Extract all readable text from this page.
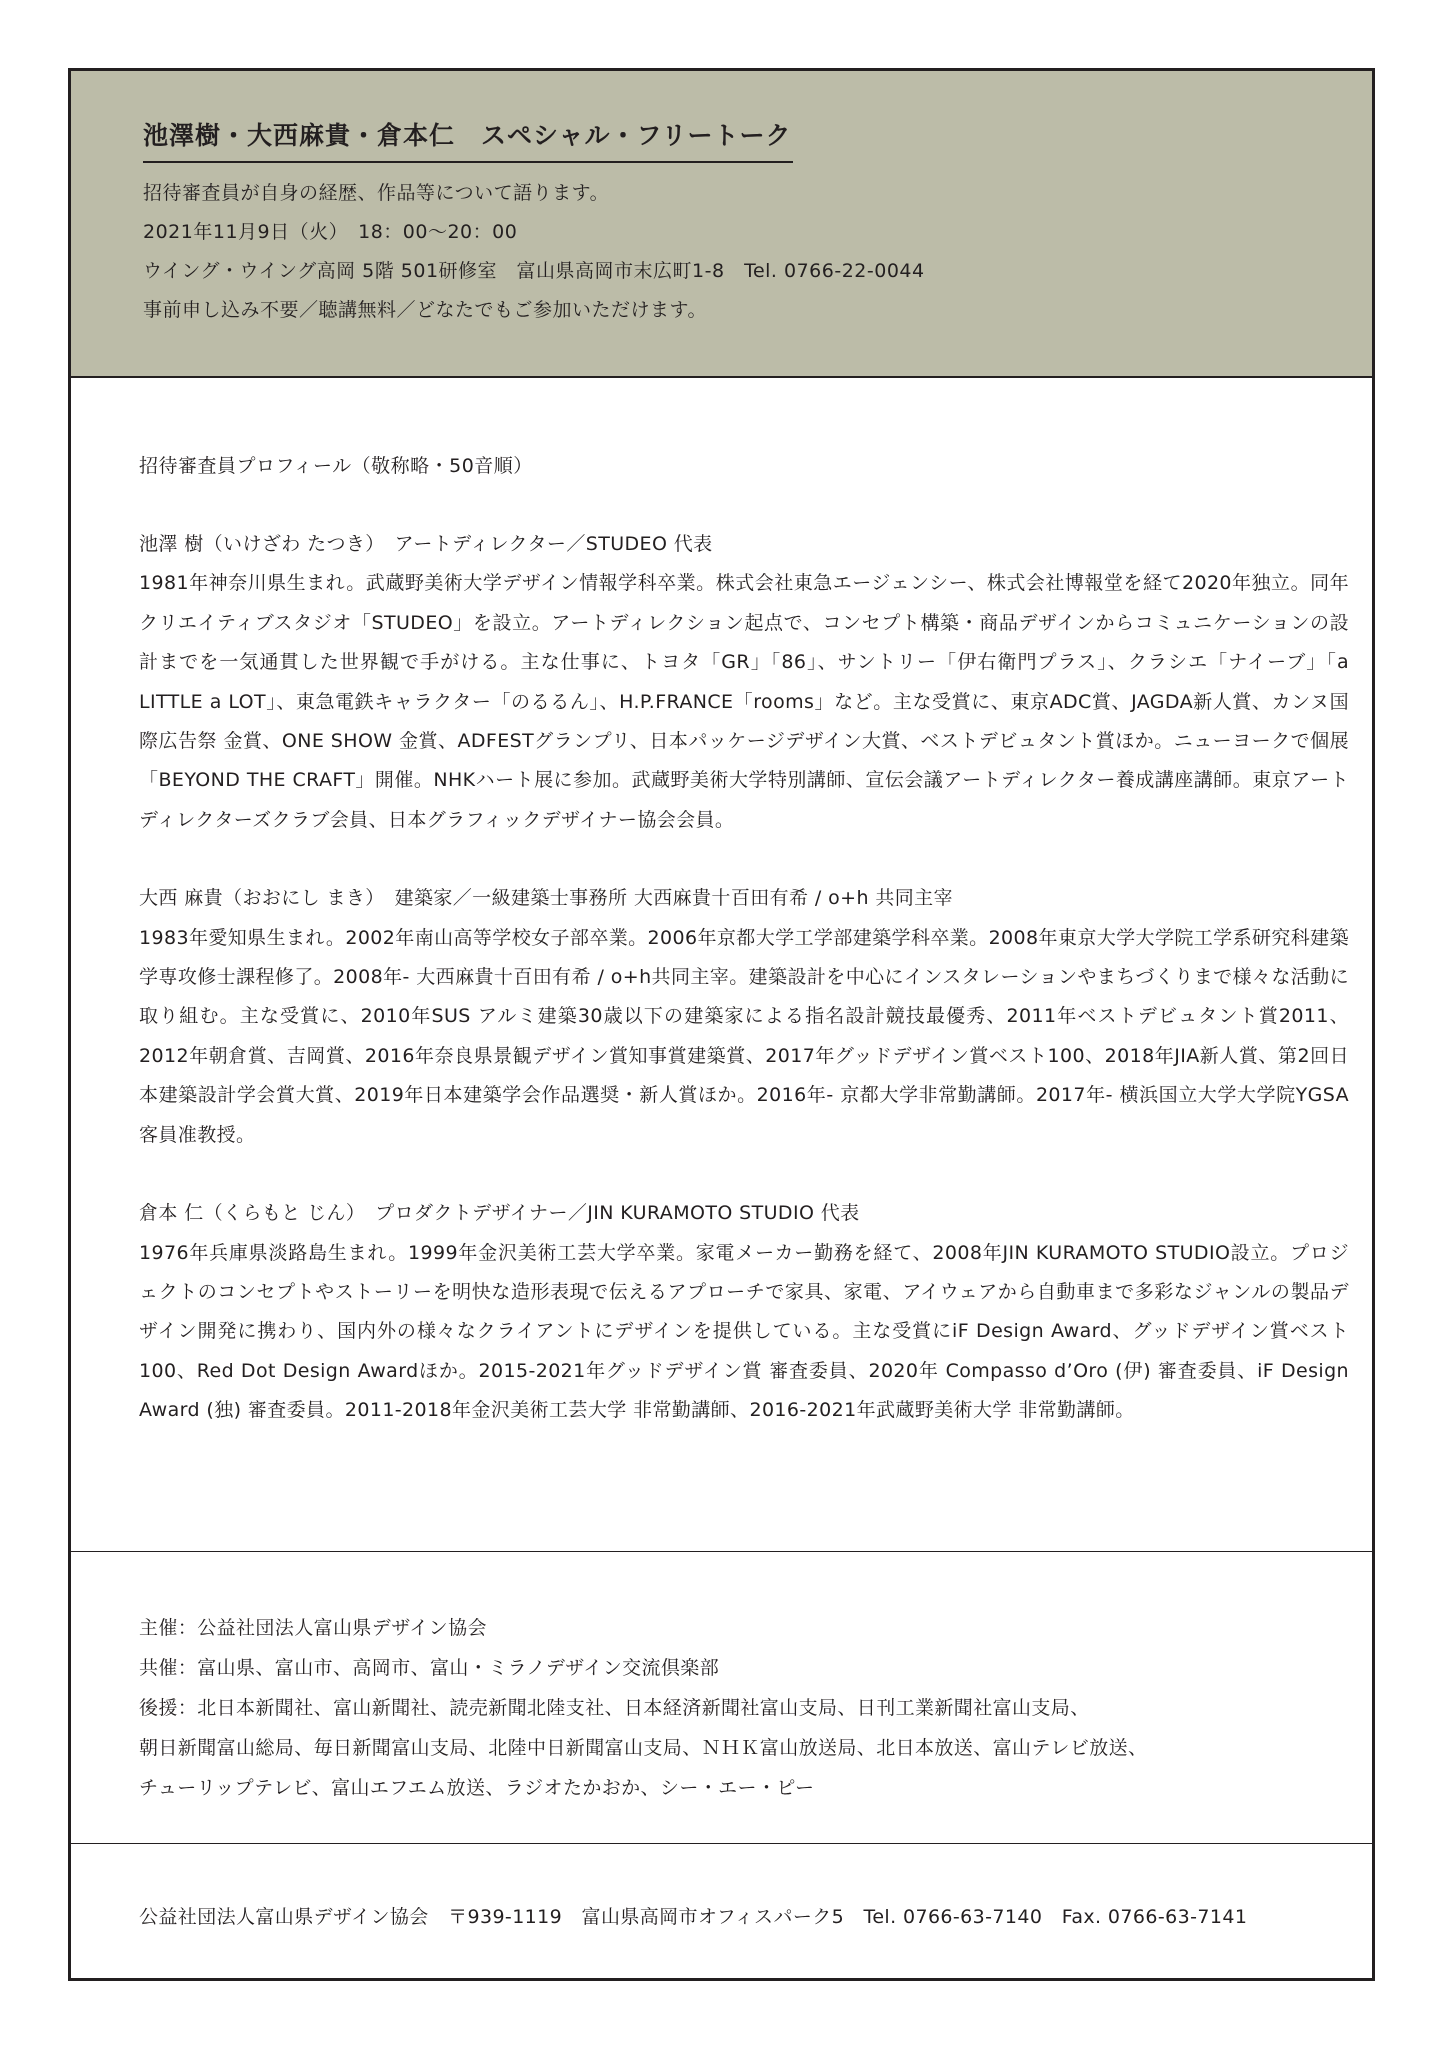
池澤樹・大西麻貴・倉本仁　スペシャル・フリートーク
招待審査員が自身の経歴、作品等について語ります。
2021年11月9日（火）　18：00〜20：00
ウイング・ウイング高岡 5階 501研修室　富山県高岡市末広町1-8　Tel. 0766-22-0044
事前申し込み不要／聴講無料／どなたでもご参加いただけます。
招待審査員プロフィール（敬称略・50音順）
池澤 樹（いけざわ たつき）　アートディレクター／STUDEO 代表
1981年神奈川県生まれ。武蔵野美術大学デザイン情報学科卒業。株式会社東急エージェンシー、株式会社博報堂を経て2020年独立。同年クリエイティブスタジオ「STUDEO」を設立。アートディレクション起点で、コンセプト構築・商品デザインからコミュニケーションの設計までを一気通貫した世界観で手がける。主な仕事に、トヨタ「GR」「86」、サントリー「伊右衛門プラス」、クラシエ「ナイーブ」「a LITTLE a LOT」、東急電鉄キャラクター「のるるん」、H.P.FRANCE「rooms」など。主な受賞に、東京ADC賞、JAGDA新人賞、カンヌ国際広告祭 金賞、ONE SHOW 金賞、ADFESTグランプリ、日本パッケージデザイン大賞、ベストデビュタント賞ほか。ニューヨークで個展「BEYOND THE CRAFT」開催。NHKハート展に参加。武蔵野美術大学特別講師、宣伝会議アートディレクター養成講座講師。東京アートディレクターズクラブ会員、日本グラフィックデザイナー協会会員。
大西 麻貴（おおにし まき）　建築家／一級建築士事務所 大西麻貴十百田有希 / o+h 共同主宰
1983年愛知県生まれ。2002年南山高等学校女子部卒業。2006年京都大学工学部建築学科卒業。2008年東京大学大学院工学系研究科建築学専攻修士課程修了。2008年- 大西麻貴十百田有希 / o+h共同主宰。建築設計を中心にインスタレーションやまちづくりまで様々な活動に取り組む。主な受賞に、2010年SUS アルミ建築30歳以下の建築家による指名設計競技最優秀、2011年ベストデビュタント賞2011、2012年朝倉賞、吉岡賞、2016年奈良県景観デザイン賞知事賞建築賞、2017年グッドデザイン賞ベスト100、2018年JIA新人賞、第2回日本建築設計学会賞大賞、2019年日本建築学会作品選奨・新人賞ほか。2016年- 京都大学非常勤講師。2017年- 横浜国立大学大学院YGSA客員准教授。
倉本 仁（くらもと じん）　プロダクトデザイナー／JIN KURAMOTO STUDIO 代表
1976年兵庫県淡路島生まれ。1999年金沢美術工芸大学卒業。家電メーカー勤務を経て、2008年JIN KURAMOTO STUDIO設立。プロジェクトのコンセプトやストーリーを明快な造形表現で伝えるアプローチで家具、家電、アイウェアから自動車まで多彩なジャンルの製品デザイン開発に携わり、国内外の様々なクライアントにデザインを提供している。主な受賞にiF Design Award、グッドデザイン賞ベスト100、Red Dot Design Awardほか。2015-2021年グッドデザイン賞 審査委員、2020年 Compasso d’Oro (伊) 審査委員、iF Design Award (独) 審査委員。2011-2018年金沢美術工芸大学 非常勤講師、2016-2021年武蔵野美術大学 非常勤講師。
主催：公益社団法人富山県デザイン協会
共催：富山県、富山市、高岡市、富山・ミラノデザイン交流倶楽部
後援：北日本新聞社、富山新聞社、読売新聞北陸支社、日本経済新聞社富山支局、日刊工業新聞社富山支局、
朝日新聞富山総局、毎日新聞富山支局、北陸中日新聞富山支局、ＮＨＫ富山放送局、北日本放送、富山テレビ放送、
チューリップテレビ、富山エフエム放送、ラジオたかおか、シー・エー・ピー
公益社団法人富山県デザイン協会　〒939-1119　富山県高岡市オフィスパーク5　Tel. 0766-63-7140　Fax. 0766-63-7141
